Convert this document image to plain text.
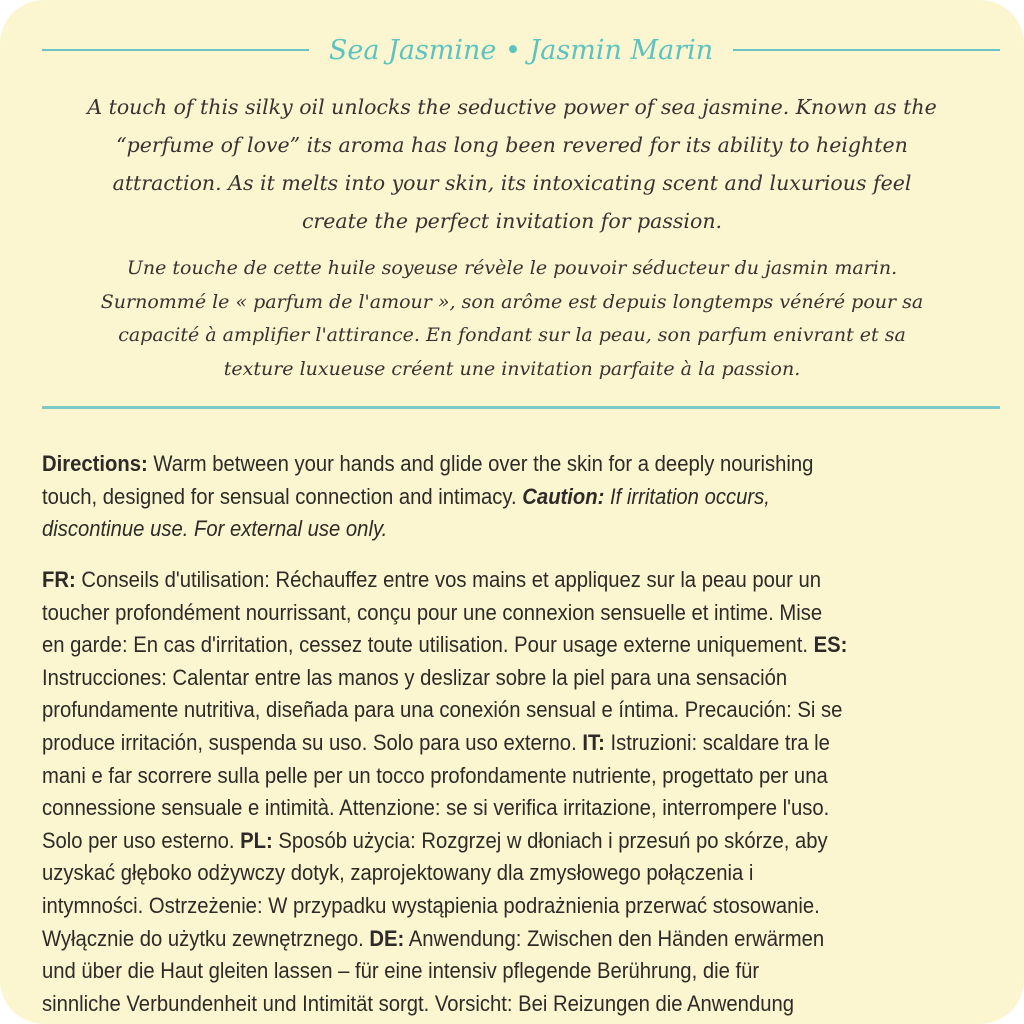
Sea Jasmine • Jasmin Marin
A touch of this silky oil unlocks the seductive power of sea jasmine. Known as the
“perfume of love” its aroma has long been revered for its ability to heighten
attraction. As it melts into your skin, its intoxicating scent and luxurious feel
create the perfect invitation for passion.
Une touche de cette huile soyeuse révèle le pouvoir séducteur du jasmin marin.
Surnommé le « parfum de l'amour », son arôme est depuis longtemps vénéré pour sa
capacité à amplifier l'attirance. En fondant sur la peau, son parfum enivrant et sa
texture luxueuse créent une invitation parfaite à la passion.
Directions: Warm between your hands and glide over the skin for a deeply nourishing
touch, designed for sensual connection and intimacy. Caution: If irritation occurs,
discontinue use. For external use only.
FR: Conseils d'utilisation: Réchauffez entre vos mains et appliquez sur la peau pour un
toucher profondément nourrissant, conçu pour une connexion sensuelle et intime. Mise
en garde: En cas d'irritation, cessez toute utilisation. Pour usage externe uniquement. ES:
Instrucciones: Calentar entre las manos y deslizar sobre la piel para una sensación
profundamente nutritiva, diseñada para una conexión sensual e íntima. Precaución: Si se
produce irritación, suspenda su uso. Solo para uso externo. IT: Istruzioni: scaldare tra le
mani e far scorrere sulla pelle per un tocco profondamente nutriente, progettato per una
connessione sensuale e intimità. Attenzione: se si verifica irritazione, interrompere l'uso.
Solo per uso esterno. PL: Sposób użycia: Rozgrzej w dłoniach i przesuń po skórze, aby
uzyskać głęboko odżywczy dotyk, zaprojektowany dla zmysłowego połączenia i
intymności. Ostrzeżenie: W przypadku wystąpienia podrażnienia przerwać stosowanie.
Wyłącznie do użytku zewnętrznego. DE: Anwendung: Zwischen den Händen erwärmen
und über die Haut gleiten lassen – für eine intensiv pflegende Berührung, die für
sinnliche Verbundenheit und Intimität sorgt. Vorsicht: Bei Reizungen die Anwendung
